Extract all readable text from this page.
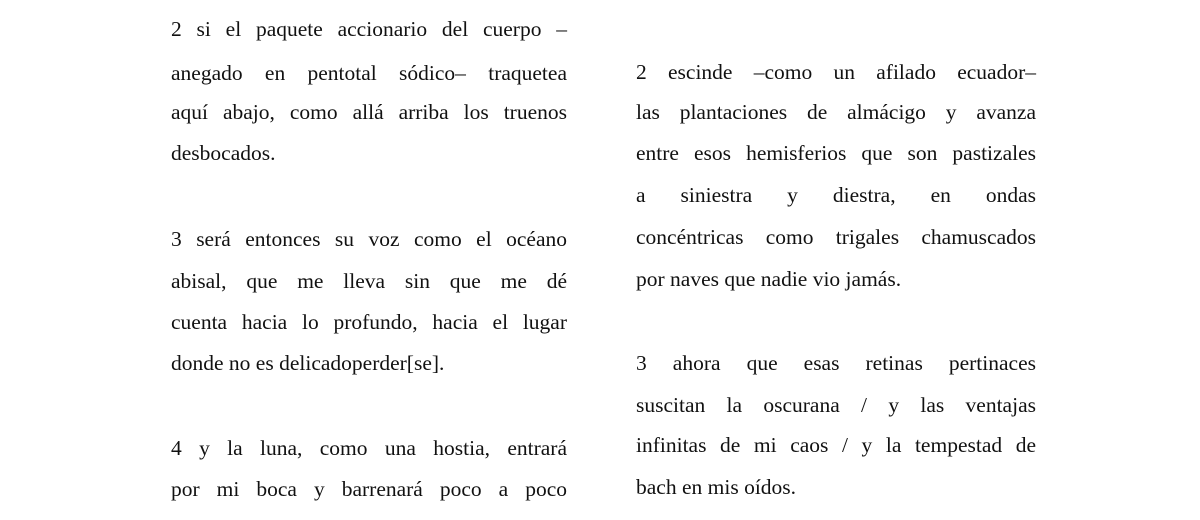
2 si el paquete accionario del cuerpo –
anegado en pentotal sódico– traquetea
aquí abajo, como allá arriba los truenos
desbocados.
3 será entonces su voz como el océano
abisal, que me lleva sin que me dé
cuenta hacia lo profundo, hacia el lugar
donde no es delicadoperder[se].
4 y la luna, como una hostia, entrará
por mi boca y barrenará poco a poco
2 escinde –como un afilado ecuador–
las plantaciones de almácigo y avanza
entre esos hemisferios que son pastizales
a siniestra y diestra, en ondas
concéntricas como trigales chamuscados
por naves que nadie vio jamás.
3 ahora que esas retinas pertinaces
suscitan la oscurana / y las ventajas
infinitas de mi caos / y la tempestad de
bach en mis oídos.
